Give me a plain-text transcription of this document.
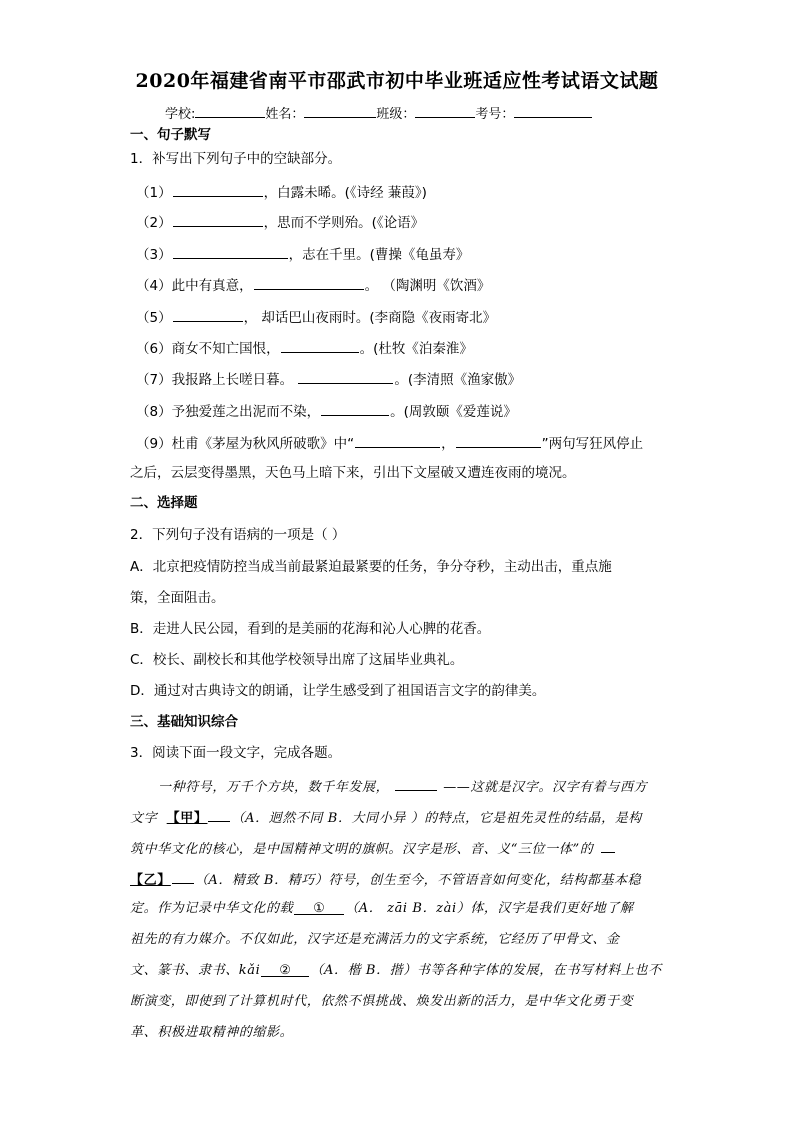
2020年福建省南平市邵武市初中毕业班适应性考试语文试题
学校:	姓名：	班级：	考号：
一、句子默写
1．补写出下列句子中的空缺部分。
（1）	，白露未晞。(《诗经 蒹葭》)
（2）	，思而不学则殆。(《论语》
（3）	，志在千里。(曹操《龟虽寿》
（4）此中有真意，	。 （陶渊明《饮酒》
（5）	， 却话巴山夜雨时。(李商隐《夜雨寄北》
（6）商女不知亡国恨，	。(杜牧《泊秦淮》
（7）我报路上长嗟日暮。	。(李清照《渔家傲》
（8）予独爱莲之出泥而不染，	。(周敦颐《爱莲说》
（9）杜甫《茅屋为秋风所破歌》中“	，	”两句写狂风停止
之后，云层变得墨黑，天色马上暗下来，引出下文屋破又遭连夜雨的境况。
二、选择题
2．下列句子没有语病的一项是（ ）
A．北京把疫情防控当成当前最紧迫最紧要的任务，争分夺秒，主动出击，重点施
策，全面阻击。
B．走进人民公园，看到的是美丽的花海和沁人心脾的花香。
C．校长、副校长和其他学校领导出席了这届毕业典礼。
D．通过对古典诗文的朗诵，让学生感受到了祖国语言文字的韵律美。
三、基础知识综合
3．阅读下面一段文字，完成各题。
一种符号，万千个方块，数千年发展，	——这就是汉字。汉字有着与西方
文字 【甲】 （A．迥然不同 B．大同小异 ）的特点，它是祖先灵性的结晶，是构
筑中华文化的核心，是中国精神文明的旗帜。汉字是形、音、义“三位一体”的
【乙】 （A．精致 B．精巧）符号，创生至今，不管语音如何变化，结构都基本稳
定。作为记录中华文化的载 ① （A． zāi B．zài）体，汉字是我们更好地了解
祖先的有力媒介。不仅如此，汉字还是充满活力的文字系统，它经历了甲骨文、金
文、篆书、隶书、kǎi ② （A．楷 B．揩）书等各种字体的发展，在书写材料上也不
断演变，即使到了计算机时代，依然不惧挑战、焕发出新的活力，是中华文化勇于变
革、积极进取精神的缩影。
